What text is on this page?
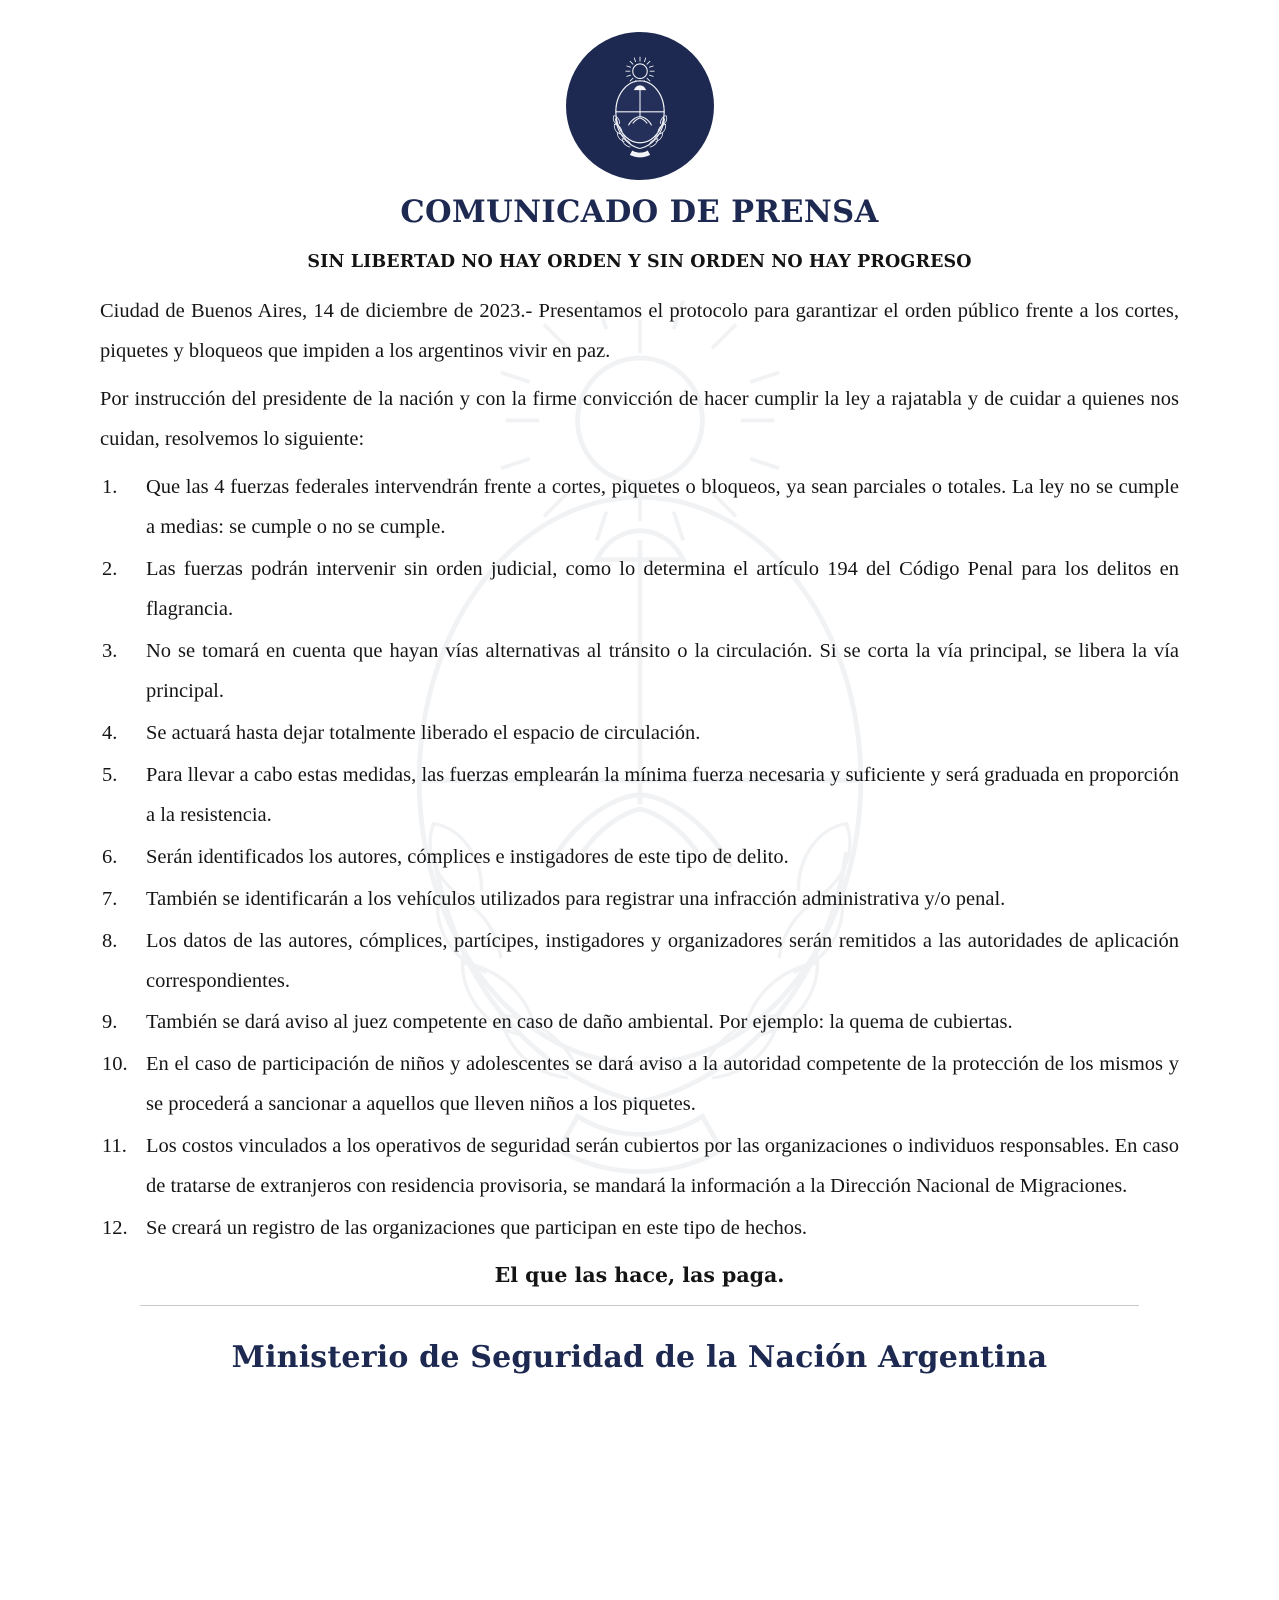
COMUNICADO DE PRENSA
SIN LIBERTAD NO HAY ORDEN Y SIN ORDEN NO HAY PROGRESO

Ciudad de Buenos Aires, 14 de diciembre de 2023.- Presentamos el protocolo para garantizar el orden público frente a los cortes, piquetes y bloqueos que impiden a los argentinos vivir en paz.

Por instrucción del presidente de la nación y con la firme convicción de hacer cumplir la ley a rajatabla y de cuidar a quienes nos cuidan, resolvemos lo siguiente:

1.	Que las 4 fuerzas federales intervendrán frente a cortes, piquetes o bloqueos, ya sean parciales o totales. La ley no se cumple a medias: se cumple o no se cumple.
2.	Las fuerzas podrán intervenir sin orden judicial, como lo determina el artículo 194 del Código Penal para los delitos en flagrancia.
3.	No se tomará en cuenta que hayan vías alternativas al tránsito o la circulación. Si se corta la vía principal, se libera la vía principal.
4.	Se actuará hasta dejar totalmente liberado el espacio de circulación.
5.	Para llevar a cabo estas medidas, las fuerzas emplearán la mínima fuerza necesaria y suficiente y será graduada en proporción a la resistencia.
6.	Serán identificados los autores, cómplices e instigadores de este tipo de delito.
7.	También se identificarán a los vehículos utilizados para registrar una infracción administrativa y/o penal.
8.	Los datos de las autores, cómplices, partícipes, instigadores y organizadores serán remitidos a las autoridades de aplicación correspondientes.
9.	También se dará aviso al juez competente en caso de daño ambiental. Por ejemplo: la quema de cubiertas.
10. En el caso de participación de niños y adolescentes se dará aviso a la autoridad competente de la protección de los mismos y se procederá a sancionar a aquellos que lleven niños a los piquetes.
11. Los costos vinculados a los operativos de seguridad serán cubiertos por las organizaciones o individuos responsables. En caso de tratarse de extranjeros con residencia provisoria, se mandará la información a la Dirección Nacional de Migraciones.
12. Se creará un registro de las organizaciones que participan en este tipo de hechos.

El que las hace, las paga.

Ministerio de Seguridad de la Nación Argentina
